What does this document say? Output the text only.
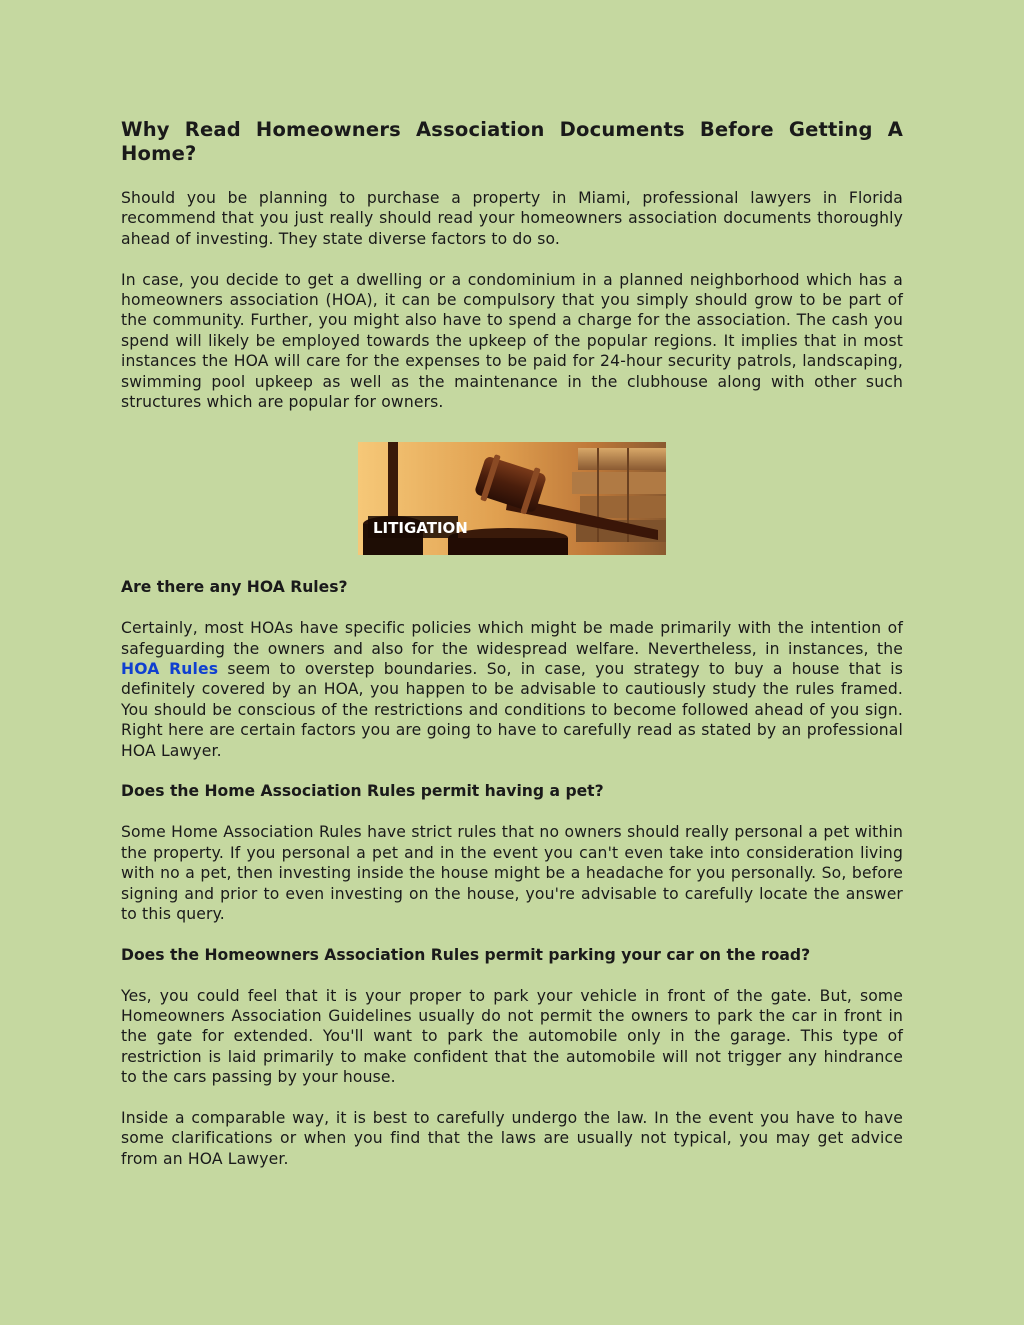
Why Read Homeowners Association Documents Before Getting A Home?

Should you be planning to purchase a property in Miami, professional lawyers in Florida recommend that you just really should read your homeowners association documents thoroughly ahead of investing. They state diverse factors to do so.

In case, you decide to get a dwelling or a condominium in a planned neighborhood which has a homeowners association (HOA), it can be compulsory that you simply should grow to be part of the community. Further, you might also have to spend a charge for the association. The cash you spend will likely be employed towards the upkeep of the popular regions. It implies that in most instances the HOA will care for the expenses to be paid for 24-hour security patrols, landscaping, swimming pool upkeep as well as the maintenance in the clubhouse along with other such structures which are popular for owners.

LITIGATION
Are there any HOA Rules?

Certainly, most HOAs have specific policies which might be made primarily with the intention of safeguarding the owners and also for the widespread welfare. Nevertheless, in instances, the HOA Rules seem to overstep boundaries. So, in case, you strategy to buy a house that is definitely covered by an HOA, you happen to be advisable to cautiously study the rules framed. You should be conscious of the restrictions and conditions to become followed ahead of you sign. Right here are certain factors you are going to have to carefully read as stated by an professional HOA Lawyer.

Does the Home Association Rules permit having a pet?

Some Home Association Rules have strict rules that no owners should really personal a pet within the property. If you personal a pet and in the event you can't even take into consideration living with no a pet, then investing inside the house might be a headache for you personally. So, before signing and prior to even investing on the house, you're advisable to carefully locate the answer to this query.

Does the Homeowners Association Rules permit parking your car on the road?

Yes, you could feel that it is your proper to park your vehicle in front of the gate. But, some Homeowners Association Guidelines usually do not permit the owners to park the car in front in the gate for extended. You'll want to park the automobile only in the garage. This type of restriction is laid primarily to make confident that the automobile will not trigger any hindrance to the cars passing by your house.

Inside a comparable way, it is best to carefully undergo the law. In the event you have to have some clarifications or when you find that the laws are usually not typical, you may get advice from an HOA Lawyer.
